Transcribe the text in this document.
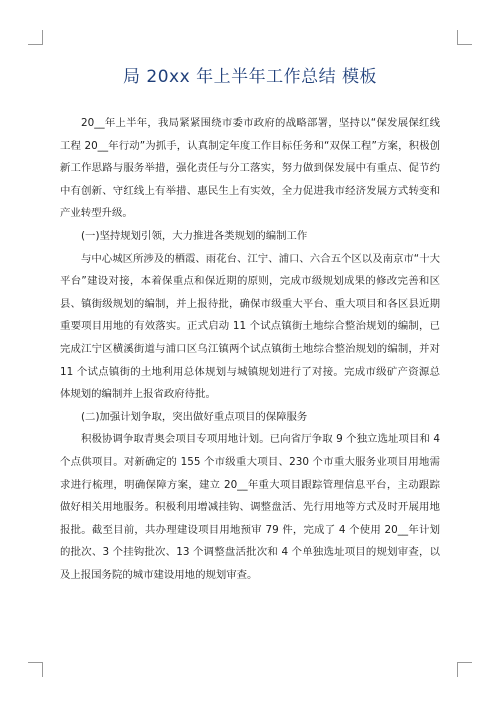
局 20xx 年上半年工作总结 模板

20__年上半年，我局紧紧围绕市委市政府的战略部署，坚持以“保发展保红线工程 20__年行动”为抓手，认真制定年度工作目标任务和“双保工程”方案，积极创新工作思路与服务举措，强化责任与分工落实，努力做到保发展中有重点、促节约中有创新、守红线上有举措、惠民生上有实效，全力促进我市经济发展方式转变和产业转型升级。

(一)坚持规划引领，大力推进各类规划的编制工作

与中心城区所涉及的栖霞、雨花台、江宁、浦口、六合五个区以及南京市“十大平台”建设对接，本着保重点和保近期的原则，完成市级规划成果的修改完善和区县、镇街级规划的编制，并上报待批，确保市级重大平台、重大项目和各区县近期重要项目用地的有效落实。正式启动 11 个试点镇街土地综合整治规划的编制，已完成江宁区横溪街道与浦口区乌江镇两个试点镇街土地综合整治规划的编制，并对 11 个试点镇街的土地利用总体规划与城镇规划进行了对接。完成市级矿产资源总体规划的编制并上报省政府待批。

(二)加强计划争取，突出做好重点项目的保障服务

积极协调争取青奥会项目专项用地计划。已向省厅争取 9 个独立选址项目和 4 个点供项目。对新确定的 155 个市级重大项目、230 个市重大服务业项目用地需求进行梳理，明确保障方案，建立 20__年重大项目跟踪管理信息平台，主动跟踪做好相关用地服务。积极利用增减挂钩、调整盘活、先行用地等方式及时开展用地报批。截至目前，共办理建设项目用地预审 79 件，完成了 4 个使用 20__年计划的批次、3 个挂钩批次、13 个调整盘活批次和 4 个单独选址项目的规划审查，以及上报国务院的城市建设用地的规划审查。
